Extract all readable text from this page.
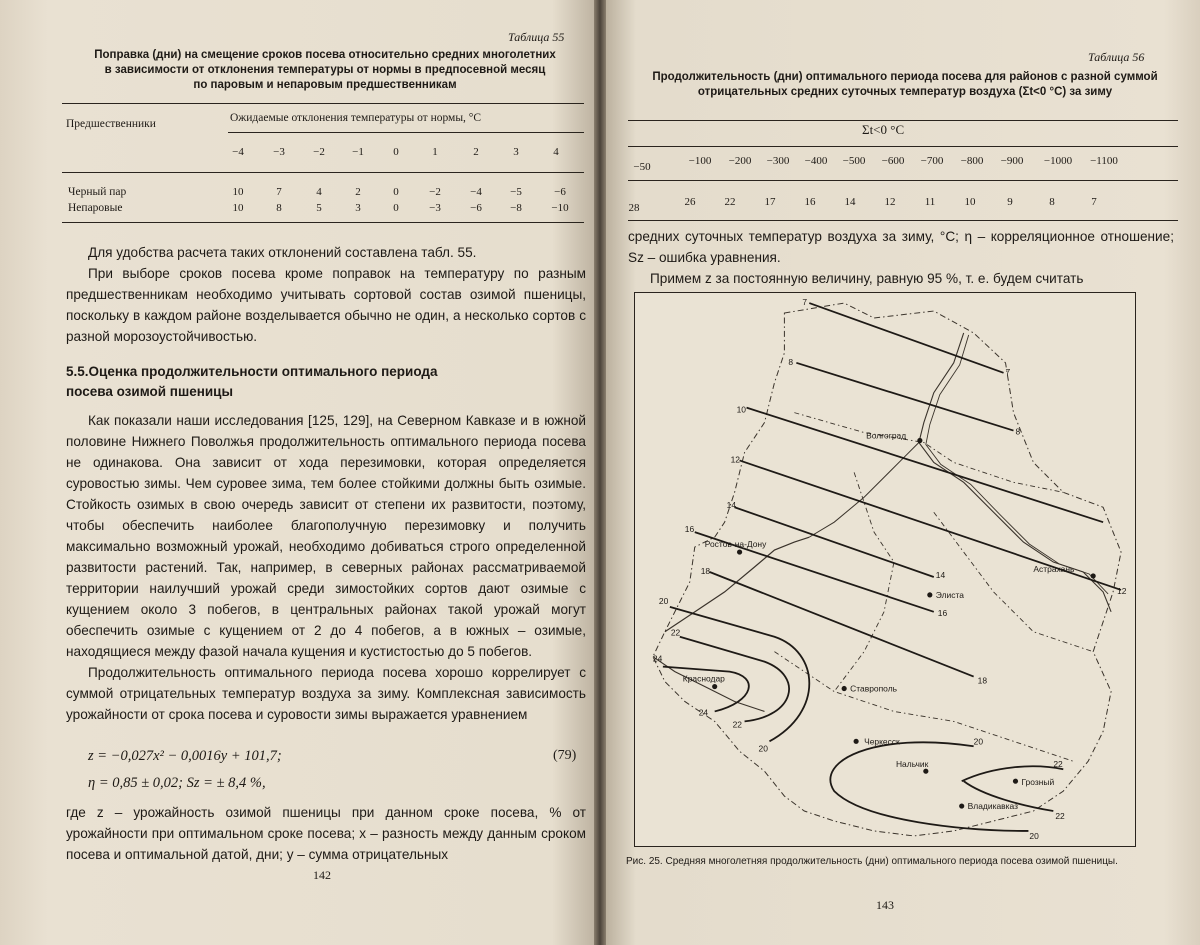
Таблица 55
Поправка (дни) на смещение сроков посева относительно средних многолетних
в зависимости от отклонения температуры от нормы в предпосевной месяц
по паровым и непаровым предшественникам
Предшественники	Ожидаемые отклонения температуры от нормы, °С
−4	−3	−2	−1	0	1	2	3	4
Черный пар	10	7	4	2	0	−2	−4	−5	−6
Непаровые	10	8	5	3	0	−3	−6	−8	−10
Для удобства расчета таких отклонений составлена табл. 55.
При выборе сроков посева кроме поправок на температуру по разным предшественникам необходимо учитывать сортовой состав озимой пшеницы, поскольку в каждом районе возделывается обычно не один, а несколько сортов с разной морозоустойчивостью.
5.5.Оценка продолжительности оптимального периода
посева озимой пшеницы
Как показали наши исследования [125, 129], на Северном Кавказе и в южной половине Нижнего Поволжья продолжительность оптимального периода посева не одинакова. Она зависит от хода перезимовки, которая определяется суровостью зимы. Чем суровее зима, тем более стойкими должны быть озимые. Стойкость озимых в свою очередь зависит от степени их развитости, поэтому, чтобы обеспечить наиболее благополучную перезимовку и получить максимально возможный урожай, необходимо добиваться строго определенной развитости растений. Так, например, в северных районах рассматриваемой территории наилучший урожай среди зимостойких сортов дают озимые с кущением около 3 побегов, в центральных районах такой урожай могут обеспечить озимые с кущением от 2 до 4 побегов, а в южных – озимые, находящиеся между фазой начала кущения и кустистостью до 5 побегов.
Продолжительность оптимального периода посева хорошо коррелирует с суммой отрицательных температур воздуха за зиму. Комплексная зависимость урожайности от срока посева и суровости зимы выражается уравнением
z = −0,027x² − 0,0016y + 101,7;	(79)
η = 0,85 ± 0,02; Sz = ± 8,4 %,
где z – урожайность озимой пшеницы при данном сроке посева, % от урожайности при оптимальном сроке посева; x – разность между данным сроком посева и оптимальной датой, дни; y – сумма отрицательных
142
Таблица 56
Продолжительность (дни) оптимального периода посева для районов с разной суммой
отрицательных средних суточных температур воздуха (Σt<0 °C) за зиму
Σt<0 °C
−50	−100	−200	−300	−400	−500	−600	−700	−800	−900	−1000	−1100
28	26	22	17	16	14	12	11	10	9	8	7
средних суточных температур воздуха за зиму, °С; η – корреляционное отношение; Sz – ошибка уравнения.
Примем z за постоянную величину, равную 95 %, т. е. будем считать
Рис. 25. Средняя многолетняя продолжительность (дни) оптимального периода посева озимой пшеницы.
143
Волгоград
Ростов-на-Дону
Астрахань
Элиста
Краснодар
Ставрополь
Черкесск
Нальчик
Грозный
Владикавказ
7
7
8
8
10
12
12
14
14
16
16
18
18
20
20
20
20
22
22
22
22
24
24
